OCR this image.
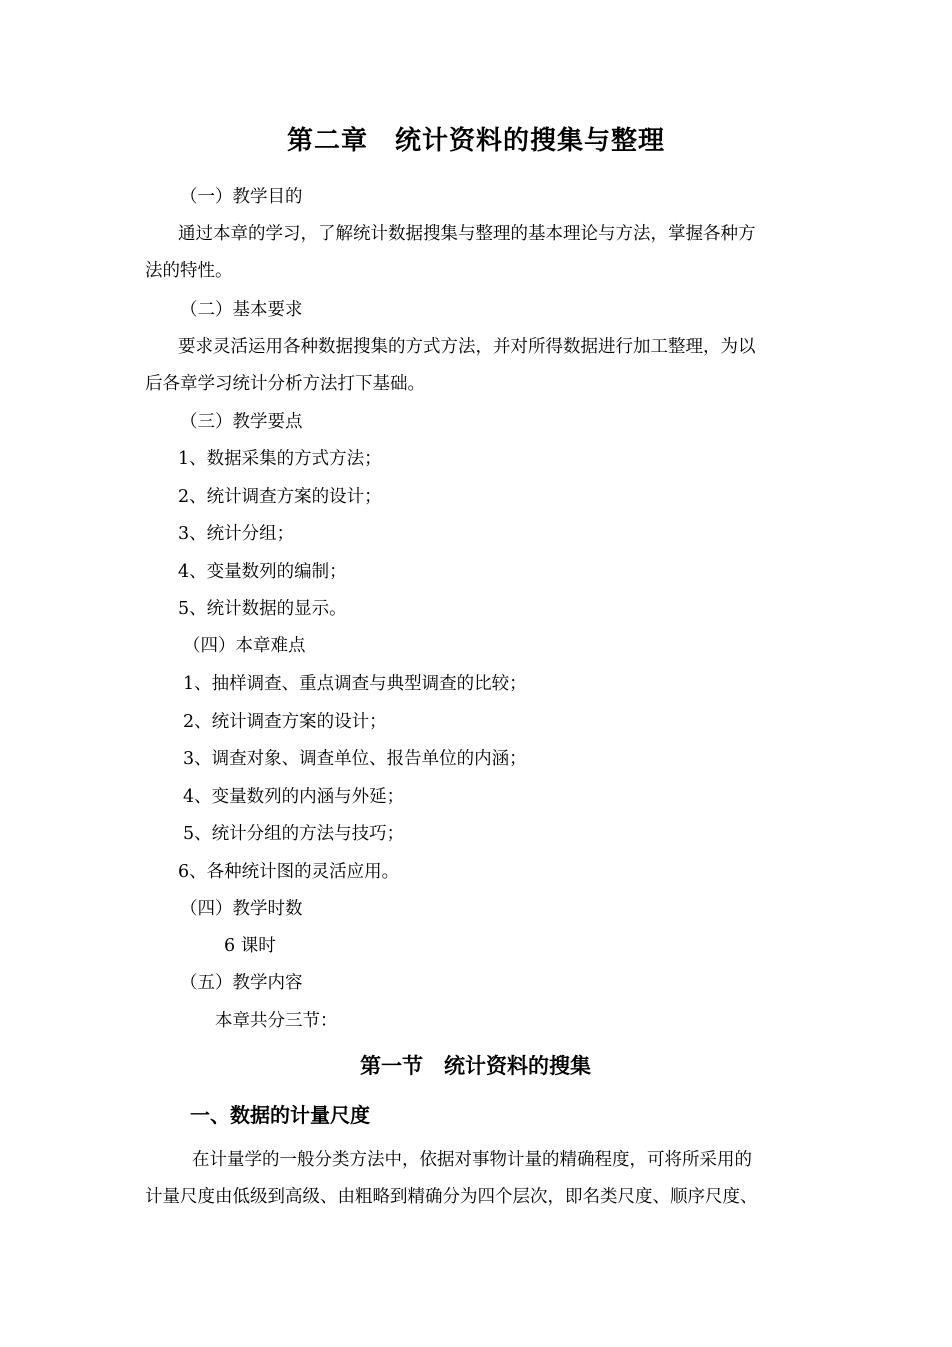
第二章　统计资料的搜集与整理
（一）教学目的
通过本章的学习，了解统计数据搜集与整理的基本理论与方法，掌握各种方
法的特性。
（二）基本要求
要求灵活运用各种数据搜集的方式方法，并对所得数据进行加工整理，为以
后各章学习统计分析方法打下基础。
（三）教学要点
1、数据采集的方式方法；
2、统计调查方案的设计；
3、统计分组；
4、变量数列的编制；
5、统计数据的显示。
（四）本章难点
1、抽样调查、重点调查与典型调查的比较；
2、统计调查方案的设计；
3、调查对象、调查单位、报告单位的内涵；
4、变量数列的内涵与外延；
5、统计分组的方法与技巧；
6、各种统计图的灵活应用。
（四）教学时数
6 课时
（五）教学内容
本章共分三节：
第一节　统计资料的搜集
一、数据的计量尺度
在计量学的一般分类方法中，依据对事物计量的精确程度，可将所采用的
计量尺度由低级到高级、由粗略到精确分为四个层次，即名类尺度、顺序尺度、
